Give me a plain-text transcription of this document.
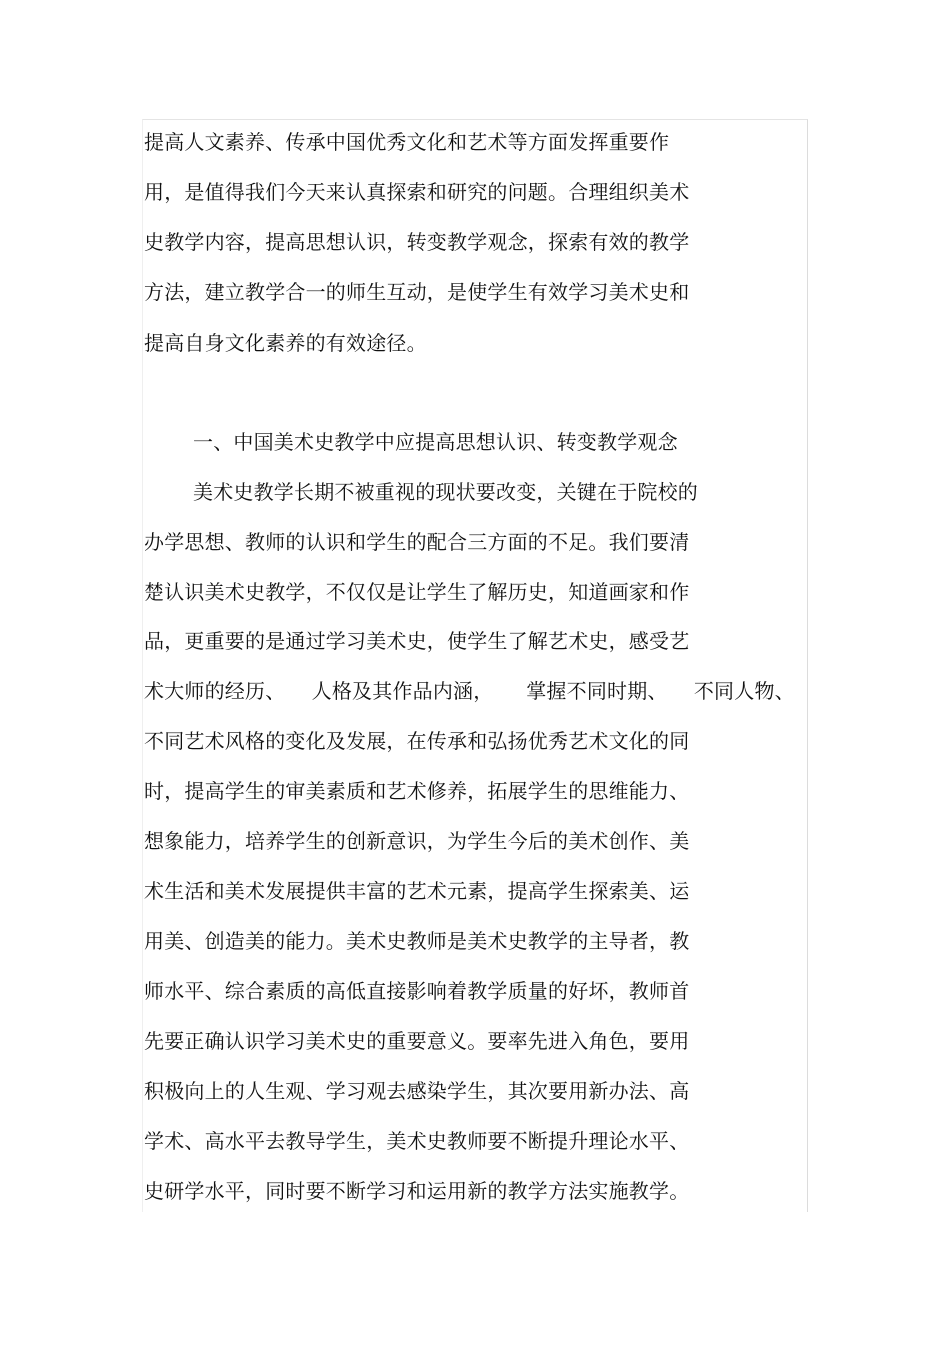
提高人文素养、传承中国优秀文化和艺术等方面发挥重要作
用，是值得我们今天来认真探索和研究的问题。合理组织美术
史教学内容，提高思想认识，转变教学观念，探索有效的教学
方法，建立教学合一的师生互动，是使学生有效学习美术史和
提高自身文化素养的有效途径。
一、中国美术史教学中应提高思想认识、转变教学观念
美术史教学长期不被重视的现状要改变，关键在于院校的
办学思想、教师的认识和学生的配合三方面的不足。我们要清
楚认识美术史教学，不仅仅是让学生了解历史，知道画家和作
品，更重要的是通过学习美术史，使学生了解艺术史，感受艺
术大师的经历、    人格及其作品内涵，     掌握不同时期、    不同人物、
不同艺术风格的变化及发展，在传承和弘扬优秀艺术文化的同
时，提高学生的审美素质和艺术修养，拓展学生的思维能力、
想象能力，培养学生的创新意识，为学生今后的美术创作、美
术生活和美术发展提供丰富的艺术元素，提高学生探索美、运
用美、创造美的能力。美术史教师是美术史教学的主导者，教
师水平、综合素质的高低直接影响着教学质量的好坏，教师首
先要正确认识学习美术史的重要意义。要率先进入角色，要用
积极向上的人生观、学习观去感染学生，其次要用新办法、高
学术、高水平去教导学生，美术史教师要不断提升理论水平、
史研学水平，同时要不断学习和运用新的教学方法实施教学。
